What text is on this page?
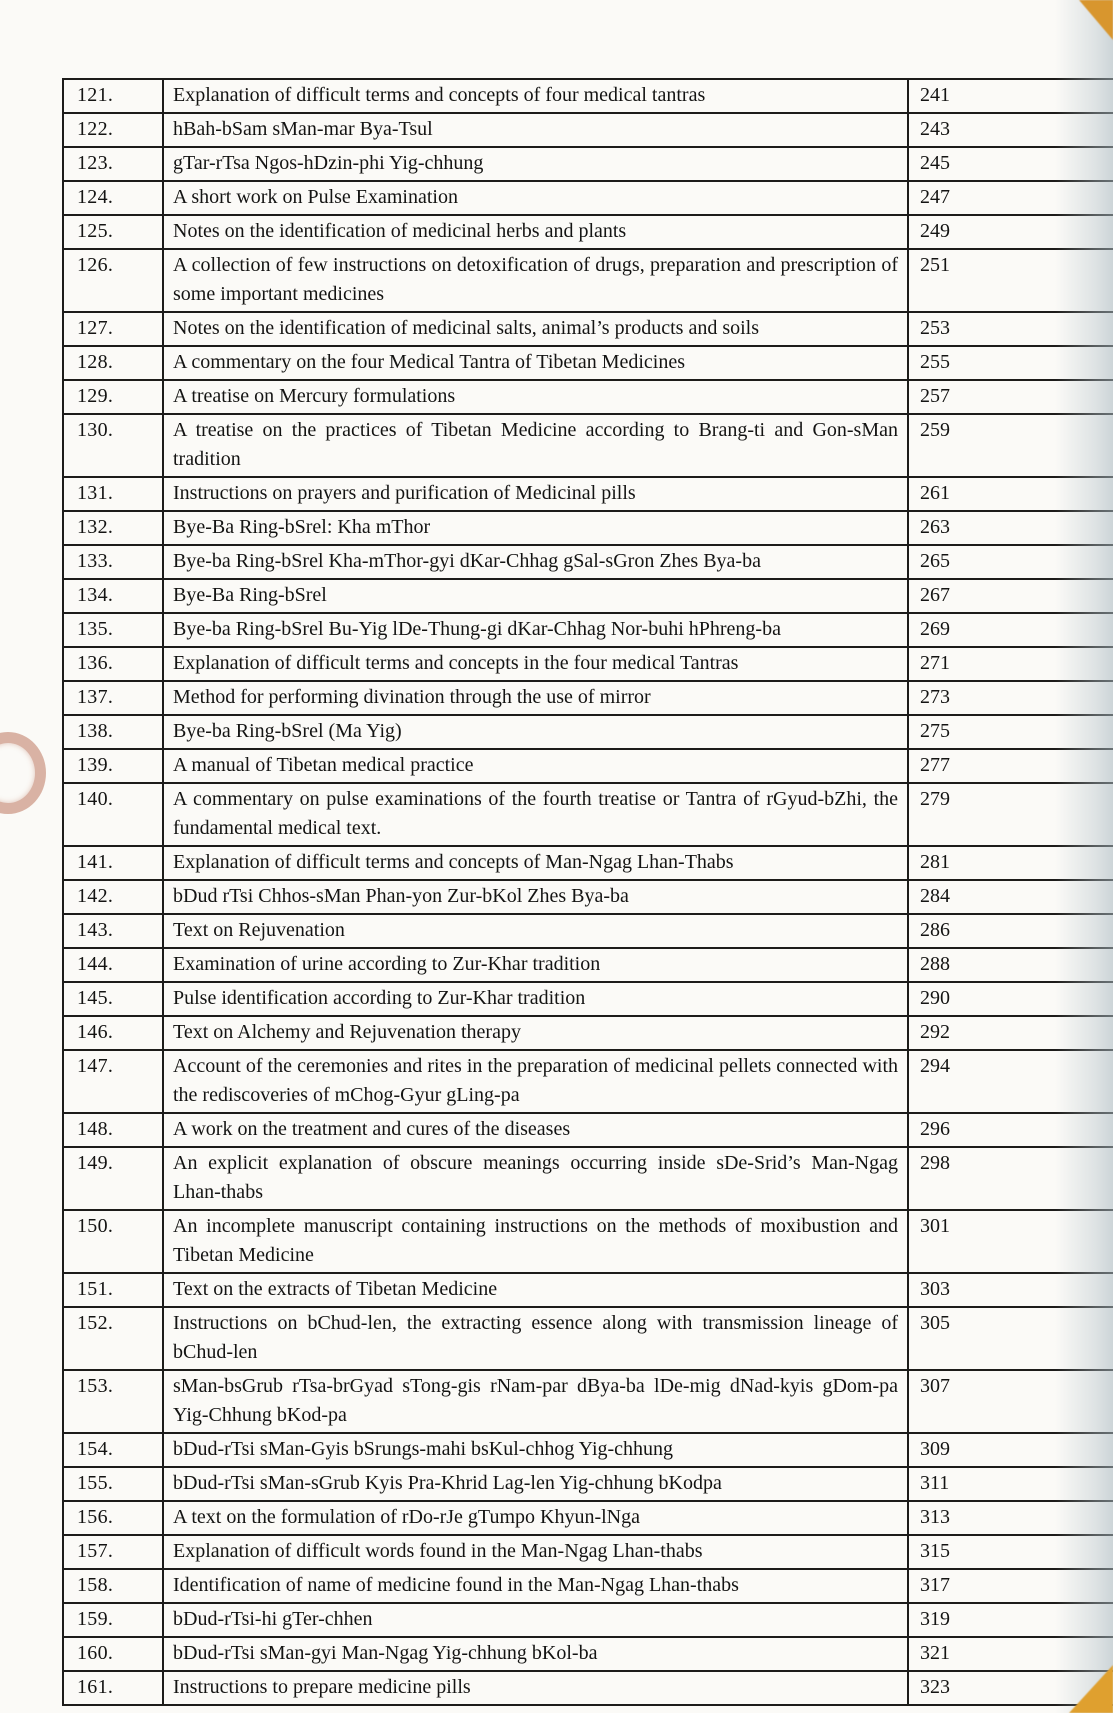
121.	Explanation of difficult terms and concepts of four medical tantras	241
122.	hBah-bSam sMan-mar Bya-Tsul	243
123.	gTar-rTsa Ngos-hDzin-phi Yig-chhung	245
124.	A short work on Pulse Examination	247
125.	Notes on the identification of medicinal herbs and plants	249
126.	A collection of few instructions on detoxification of drugs, preparation and prescription of some important medicines	251
127.	Notes on the identification of medicinal salts, animal’s products and soils	253
128.	A commentary on the four Medical Tantra of Tibetan Medicines	255
129.	A treatise on Mercury formulations	257
130.	A treatise on the practices of Tibetan Medicine according to Brang-ti and Gon-sMan tradition	259
131.	Instructions on prayers and purification of Medicinal pills	261
132.	Bye-Ba Ring-bSrel: Kha mThor	263
133.	Bye-ba Ring-bSrel Kha-mThor-gyi dKar-Chhag gSal-sGron Zhes Bya-ba	265
134.	Bye-Ba Ring-bSrel	267
135.	Bye-ba Ring-bSrel Bu-Yig lDe-Thung-gi dKar-Chhag Nor-buhi hPhreng-ba	269
136.	Explanation of difficult terms and concepts in the four medical Tantras	271
137.	Method for performing divination through the use of mirror	273
138.	Bye-ba Ring-bSrel (Ma Yig)	275
139.	A manual of Tibetan medical practice	277
140.	A commentary on pulse examinations of the fourth treatise or Tantra of rGyud-bZhi, the fundamental medical text.	279
141.	Explanation of difficult terms and concepts of Man-Ngag Lhan-Thabs	281
142.	bDud rTsi Chhos-sMan Phan-yon Zur-bKol Zhes Bya-ba	284
143.	Text on Rejuvenation	286
144.	Examination of urine according to Zur-Khar tradition	288
145.	Pulse identification according to Zur-Khar tradition	290
146.	Text on Alchemy and Rejuvenation therapy	292
147.	Account of the ceremonies and rites in the preparation of medicinal pellets connected with the rediscoveries of mChog-Gyur gLing-pa	294
148.	A work on the treatment and cures of the diseases	296
149.	An explicit explanation of obscure meanings occurring inside sDe-Srid’s Man-Ngag Lhan-thabs	298
150.	An incomplete manuscript containing instructions on the methods of moxibustion and Tibetan Medicine	301
151.	Text on the extracts of Tibetan Medicine	303
152.	Instructions on bChud-len, the extracting essence along with transmission lineage of bChud-len	305
153.	sMan-bsGrub rTsa-brGyad sTong-gis rNam-par dBya-ba lDe-mig dNad-kyis gDom-pa Yig-Chhung bKod-pa	307
154.	bDud-rTsi sMan-Gyis bSrungs-mahi bsKul-chhog Yig-chhung	309
155.	bDud-rTsi sMan-sGrub Kyis Pra-Khrid Lag-len Yig-chhung bKodpa	311
156.	A text on the formulation of rDo-rJe gTumpo Khyun-lNga	313
157.	Explanation of difficult words found in the Man-Ngag Lhan-thabs	315
158.	Identification of name of medicine found in the Man-Ngag Lhan-thabs	317
159.	bDud-rTsi-hi gTer-chhen	319
160.	bDud-rTsi sMan-gyi Man-Ngag Yig-chhung bKol-ba	321
161.	Instructions to prepare medicine pills	323
